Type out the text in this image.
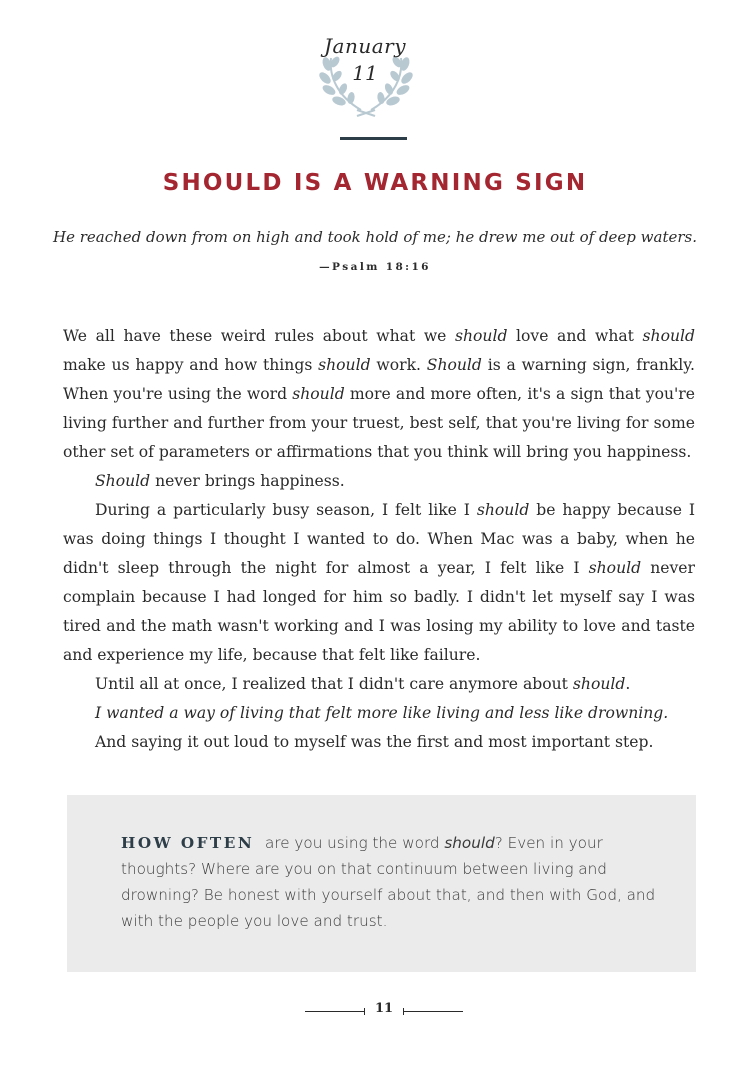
January
11
SHOULD IS A WARNING SIGN
He reached down from on high and took hold of me; he drew me out of deep waters.
—Psalm 18:16

We all have these weird rules about what we should love and what should make us happy and how things should work. Should is a warning sign, frankly. When you're using the word should more and more often, it's a sign that you're living further and further from your truest, best self, that you're living for some other set of parameters or affirmations that you think will bring you happiness.

Should never brings happiness.

During a particularly busy season, I felt like I should be happy because I was doing things I thought I wanted to do. When Mac was a baby, when he didn't sleep through the night for almost a year, I felt like I should never complain because I had longed for him so badly. I didn't let myself say I was tired and the math wasn't working and I was losing my ability to love and taste and experience my life, because that felt like failure.

Until all at once, I realized that I didn't care anymore about should.

I wanted a way of living that felt more like living and less like drowning.

And saying it out loud to myself was the first and most important step.

HOW OFTEN are you using the word should? Even in your thoughts? Where are you on that continuum between living and drowning? Be honest with yourself about that, and then with God, and with the people you love and trust.
11
